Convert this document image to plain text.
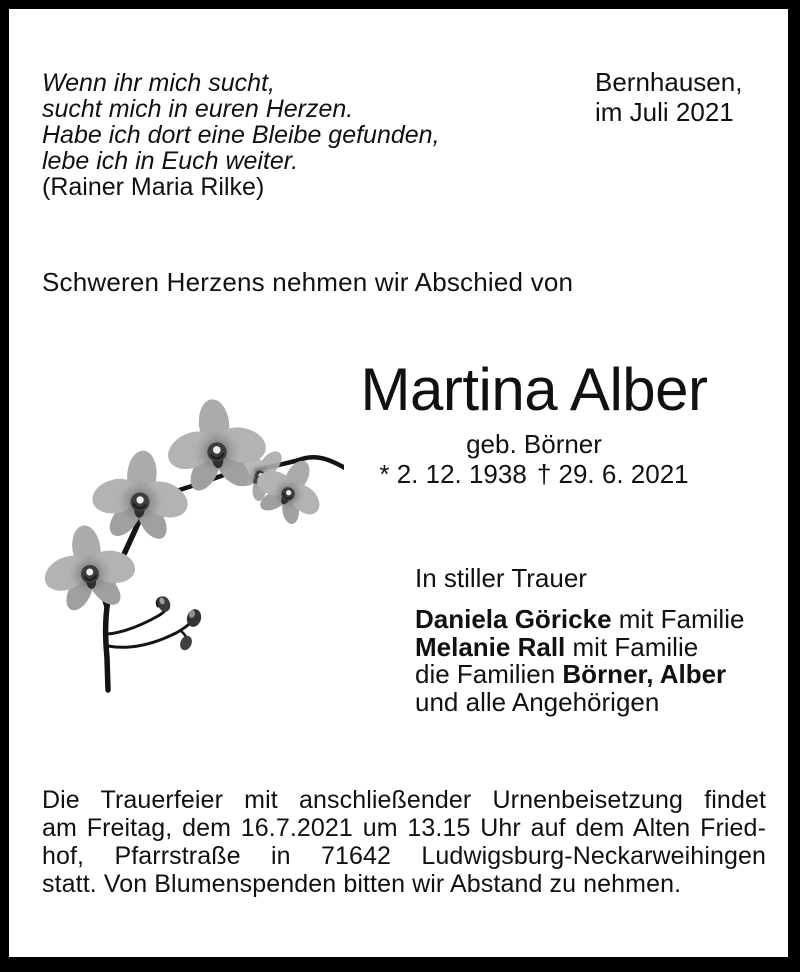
Wenn ihr mich sucht,
sucht mich in euren Herzen.
Habe ich dort eine Bleibe gefunden,
lebe ich in Euch weiter.
(Rainer Maria Rilke)
Bernhausen,
im Juli 2021
Schweren Herzens nehmen wir Abschied von
Martina Alber
geb. Börner
* 2. 12. 1938 † 29. 6. 2021
In stiller Trauer
Daniela Göricke mit Familie
Melanie Rall mit Familie
die Familien Börner, Alber
und alle Angehörigen
Die Trauerfeier mit anschließender Urnenbeisetzung findet
am Freitag, dem 16.7.2021 um 13.15 Uhr auf dem Alten Fried-
hof, Pfarrstraße in 71642 Ludwigsburg-Neckarweihingen
statt. Von Blumenspenden bitten wir Abstand zu nehmen.
